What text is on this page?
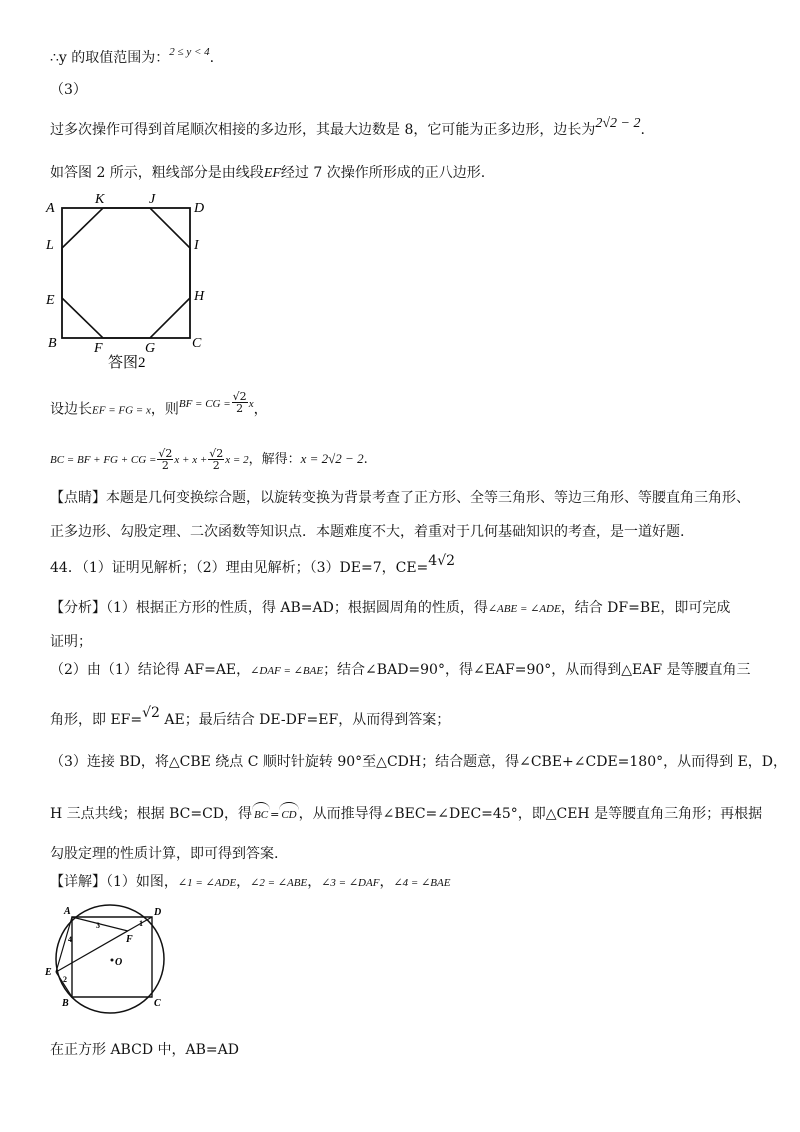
∴y 的取值范围为：$^{2 \le y < 4}$.
（3）
过多次操作可得到首尾顺次相接的多边形，其最大边数是 8，它可能为正多边形，边长为2√2 − 2.
如答图 2 所示，粗线部分是由线段EF经过 7 次操作所形成的正八边形.
A
K	J
D
L	I
E	H
B	F	G	C
答图2
设边长EF = FG = x，则$^{BF = CG =} \frac{√2}{2} ^x$，
BC = BF + FG + CG = $\frac{√2}{2}$ $x + x + \frac{√2}{2}$ x = 2，解得：x = 2√2 − 2.
【点睛】本题是几何变换综合题，以旋转变换为背景考查了正方形、全等三角形、等边三角形、等腰直角三角形、
正多边形、勾股定理、二次函数等知识点．本题难度不大，着重对于几何基础知识的考查，是一道好题.
44．（1）证明见解析；（2）理由见解析；（3）DE=7，CE=4√2
【分析】（1）根据正方形的性质，得 AB=AD；根据圆周角的性质，得∠ABE = ∠ADE，结合 DF=BE，即可完成
证明；
（2）由（1）结论得 AF=AE，∠DAF = ∠BAE；结合∠BAD=90°，得∠EAF=90°，从而得到△EAF 是等腰直角三
角形，即 EF=√2 AE；最后结合 DE-DF=EF，从而得到答案；
（3）连接 BD，将△CBE 绕点 C 顺时针旋转 90°至△CDH；结合题意，得∠CBE+∠CDE=180°，从而得到 E，D，
H 三点共线；根据 BC=CD，得 BC = CD ，从而推导得∠BEC=∠DEC=45°，即△CEH 是等腰直角三角形；再根据
勾股定理的性质计算，即可得到答案.
【详解】（1）如图，∠1 = ∠ADE，∠2 = ∠ABE，∠3 = ∠DAF，∠4 = ∠BAE
A	D
F
O
E
B	C
1
2
3
4
在正方形 ABCD 中，AB=AD
